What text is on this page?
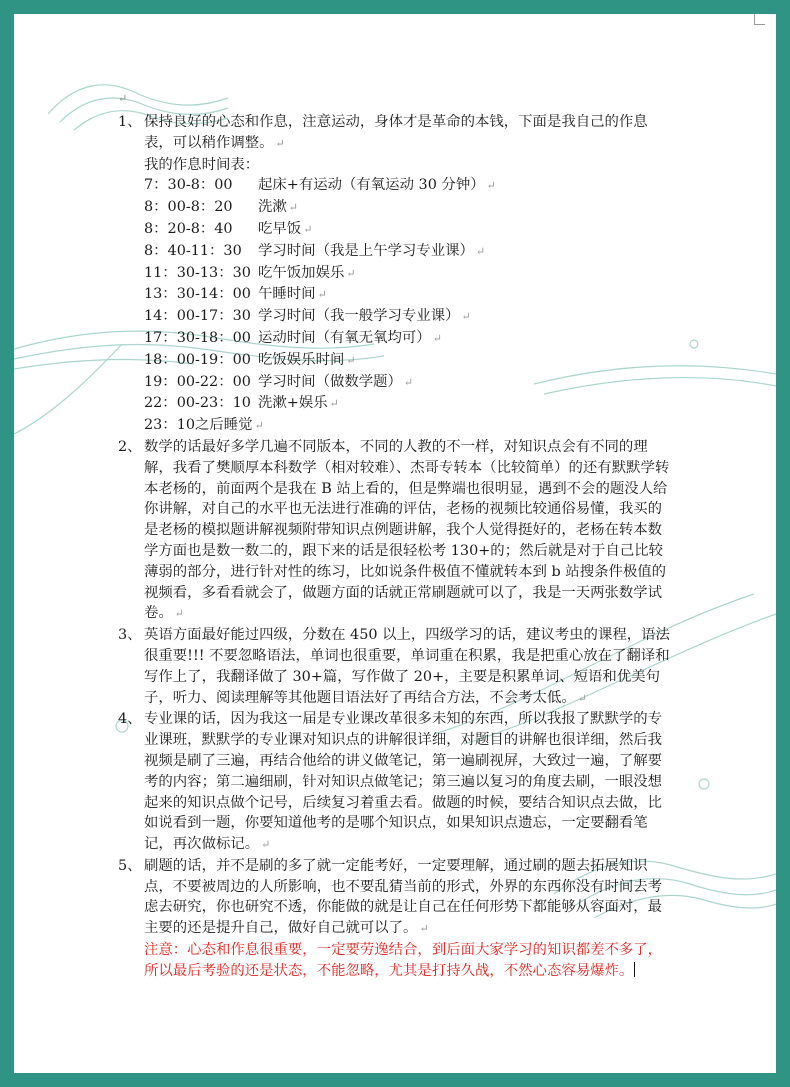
↵
1、 保持良好的心态和作息，注意运动，身体才是革命的本钱，下面是我自己的作息表，可以稍作调整。 ↵
我的作息时间表：
7：30-8：00 起床+有运动（有氧运动 30 分钟） ↵
8：00-8：20 洗漱 ↵
8：20-8：40 吃早饭 ↵
8：40-11：30 学习时间（我是上午学习专业课） ↵
11：30-13：30 吃午饭加娱乐 ↵
13：30-14：00 午睡时间 ↵
14：00-17：30 学习时间（我一般学习专业课） ↵
17：30-18：00 运动时间（有氧无氧均可） ↵
18：00-19：00 吃饭娱乐时间 ↵
19：00-22：00 学习时间（做数学题） ↵
22：00-23：10 洗漱+娱乐 ↵
23：10之后睡觉 ↵
2、 数学的话最好多学几遍不同版本，不同的人教的不一样，对知识点会有不同的理解，我看了樊顺厚本科数学（相对较难）、杰哥专转本（比较简单）的还有默默学转本老杨的，前面两个是我在 B 站上看的，但是弊端也很明显，遇到不会的题没人给你讲解，对自己的水平也无法进行准确的评估，老杨的视频比较通俗易懂，我买的是老杨的模拟题讲解视频附带知识点例题讲解，我个人觉得挺好的，老杨在转本数学方面也是数一数二的，跟下来的话是很轻松考 130+的；然后就是对于自己比较薄弱的部分，进行针对性的练习，比如说条件极值不懂就转本到 b 站搜条件极值的视频看，多看看就会了，做题方面的话就正常刷题就可以了，我是一天两张数学试卷。 ↵
3、 英语方面最好能过四级，分数在 450 以上，四级学习的话，建议考虫的课程，语法很重要!!! 不要忽略语法，单词也很重要，单词重在积累，我是把重心放在了翻译和写作上了，我翻译做了 30+篇，写作做了 20+，主要是积累单词、短语和优美句子，听力、阅读理解等其他题目语法好了再结合方法，不会考太低。 ↵
4、 专业课的话，因为我这一届是专业课改革很多未知的东西，所以我报了默默学的专业课班，默默学的专业课对知识点的讲解很详细，对题目的讲解也很详细，然后我视频是刷了三遍，再结合他给的讲义做笔记，第一遍刷视屏，大致过一遍，了解要考的内容；第二遍细刷，针对知识点做笔记；第三遍以复习的角度去刷，一眼没想起来的知识点做个记号，后续复习着重去看。做题的时候，要结合知识点去做，比如说看到一题，你要知道他考的是哪个知识点，如果知识点遗忘，一定要翻看笔记，再次做标记。 ↵
5、 刷题的话，并不是刷的多了就一定能考好，一定要理解，通过刷的题去拓展知识点，不要被周边的人所影响，也不要乱猜当前的形式，外界的东西你没有时间去考虑去研究，你也研究不透，你能做的就是让自己在任何形势下都能够从容面对，最主要的还是提升自己，做好自己就可以了。 ↵
注意：心态和作息很重要，一定要劳逸结合，到后面大家学习的知识都差不多了，所以最后考验的还是状态，不能忽略，尤其是打持久战，不然心态容易爆炸。
